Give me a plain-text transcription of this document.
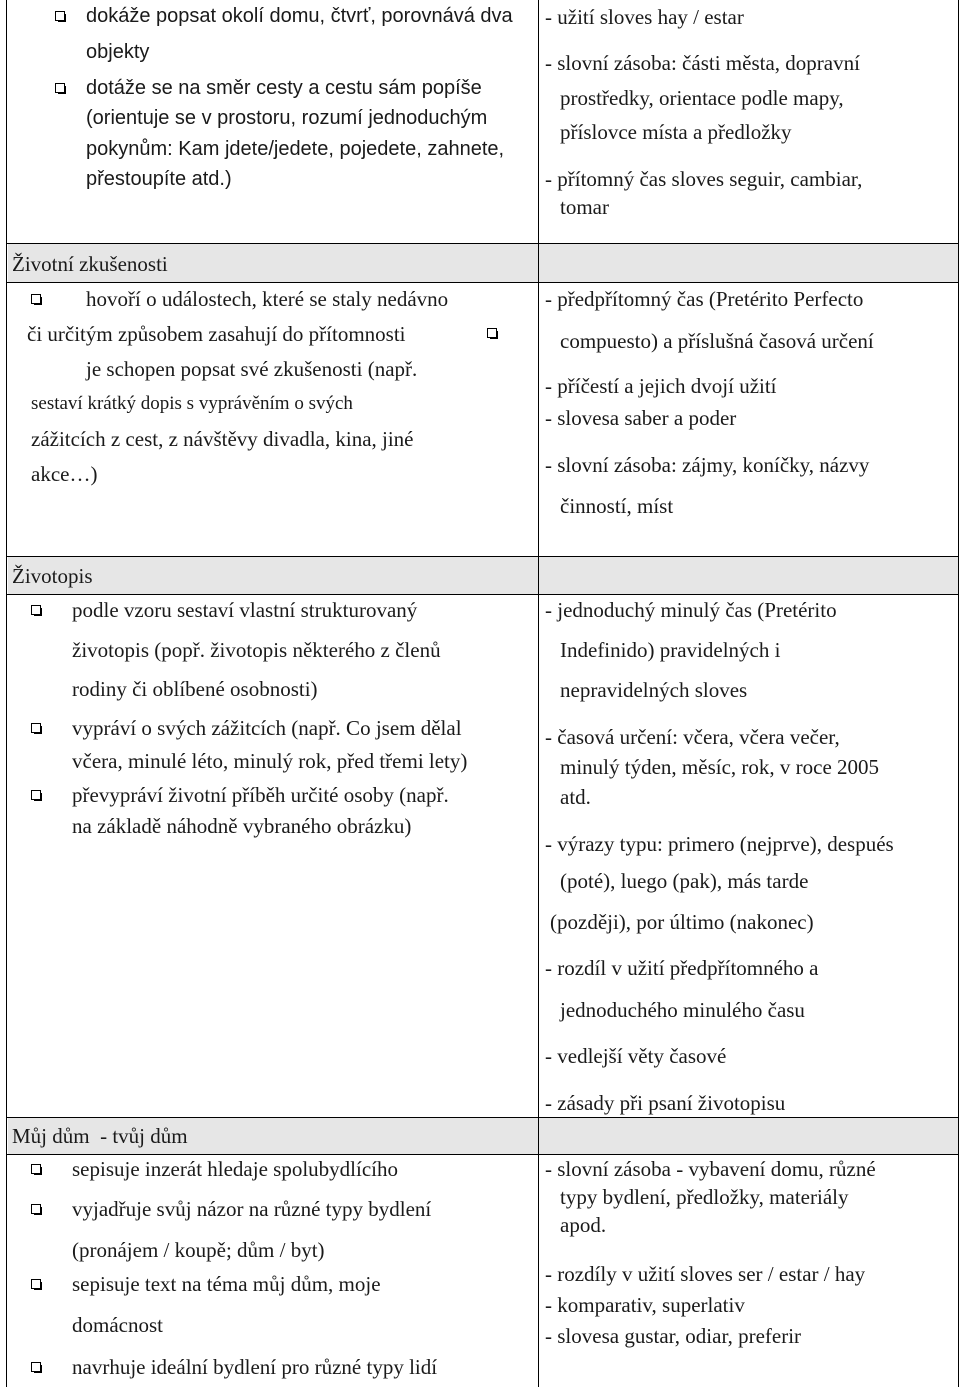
dokáže popsat okolí domu, čtvrť, porovnává dva
objekty
dotáže se na směr cesty a cestu sám popíše
(orientuje se v prostoru, rozumí jednoduchým
pokynům: Kam jdete/jedete, pojedete, zahnete,
přestoupíte atd.)
- užití sloves hay / estar
- slovní zásoba: části města, dopravní
prostředky, orientace podle mapy,
příslovce místa a předložky
- přítomný čas sloves seguir, cambiar,
tomar
Životní zkušenosti
hovoří o událostech, které se staly nedávno
či určitým způsobem zasahují do přítomnosti
je schopen popsat své zkušenosti (např.
sestaví krátký dopis s vyprávěním o svých
zážitcích z cest, z návštěvy divadla, kina, jiné
akce…)
- předpřítomný čas (Pretérito Perfecto
compuesto) a příslušná časová určení
- příčestí a jejich dvojí užití
- slovesa saber a poder
- slovní zásoba: zájmy, koníčky, názvy
činností, míst
Životopis
podle vzoru sestaví vlastní strukturovaný
životopis (popř. životopis některého z členů
rodiny či oblíbené osobnosti)
vypráví o svých zážitcích (např. Co jsem dělal
včera, minulé léto, minulý rok, před třemi lety)
převypráví životní příběh určité osoby (např.
na základě náhodně vybraného obrázku)
- jednoduchý minulý čas (Pretérito
Indefinido) pravidelných i
nepravidelných sloves
- časová určení: včera, včera večer,
minulý týden, měsíc, rok, v roce 2005
atd.
- výrazy typu: primero (nejprve), después
(poté), luego (pak), más tarde
(později), por último (nakonec)
- rozdíl v užití předpřítomného a
jednoduchého minulého času
- vedlejší věty časové
- zásady při psaní životopisu
Můj dům  - tvůj dům
sepisuje inzerát hledaje spolubydlícího
vyjadřuje svůj názor na různé typy bydlení
(pronájem / koupě; dům / byt)
sepisuje text na téma můj dům, moje
domácnost
navrhuje ideální bydlení pro různé typy lidí
- slovní zásoba - vybavení domu, různé
typy bydlení, předložky, materiály
apod.
- rozdíly v užití sloves ser / estar / hay
- komparativ, superlativ
- slovesa gustar, odiar, preferir
